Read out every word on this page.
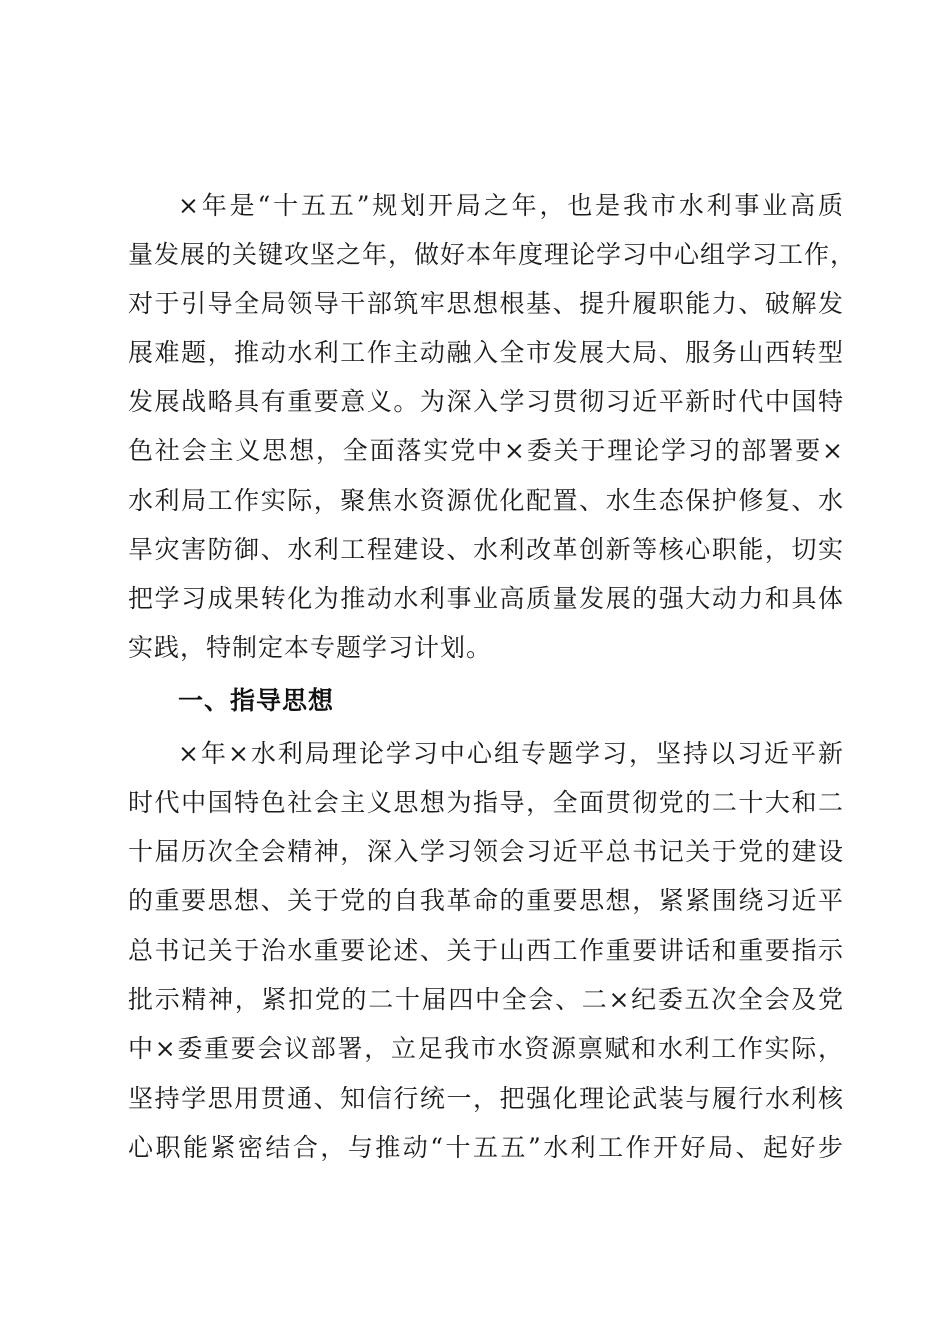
×年是“十五五”规划开局之年，也是我市水利事业高质
量发展的关键攻坚之年，做好本年度理论学习中心组学习工作，
对于引导全局领导干部筑牢思想根基、提升履职能力、破解发
展难题，推动水利工作主动融入全市发展大局、服务山西转型
发展战略具有重要意义。为深入学习贯彻习近平新时代中国特
色社会主义思想，全面落实党中×委关于理论学习的部署要×
水利局工作实际，聚焦水资源优化配置、水生态保护修复、水
旱灾害防御、水利工程建设、水利改革创新等核心职能，切实
把学习成果转化为推动水利事业高质量发展的强大动力和具体
实践，特制定本专题学习计划。
一、指导思想
×年×水利局理论学习中心组专题学习，坚持以习近平新
时代中国特色社会主义思想为指导，全面贯彻党的二十大和二
十届历次全会精神，深入学习领会习近平总书记关于党的建设
的重要思想、关于党的自我革命的重要思想，紧紧围绕习近平
总书记关于治水重要论述、关于山西工作重要讲话和重要指示
批示精神，紧扣党的二十届四中全会、二×纪委五次全会及党
中×委重要会议部署，立足我市水资源禀赋和水利工作实际，
坚持学思用贯通、知信行统一，把强化理论武装与履行水利核
心职能紧密结合，与推动“十五五”水利工作开好局、起好步
